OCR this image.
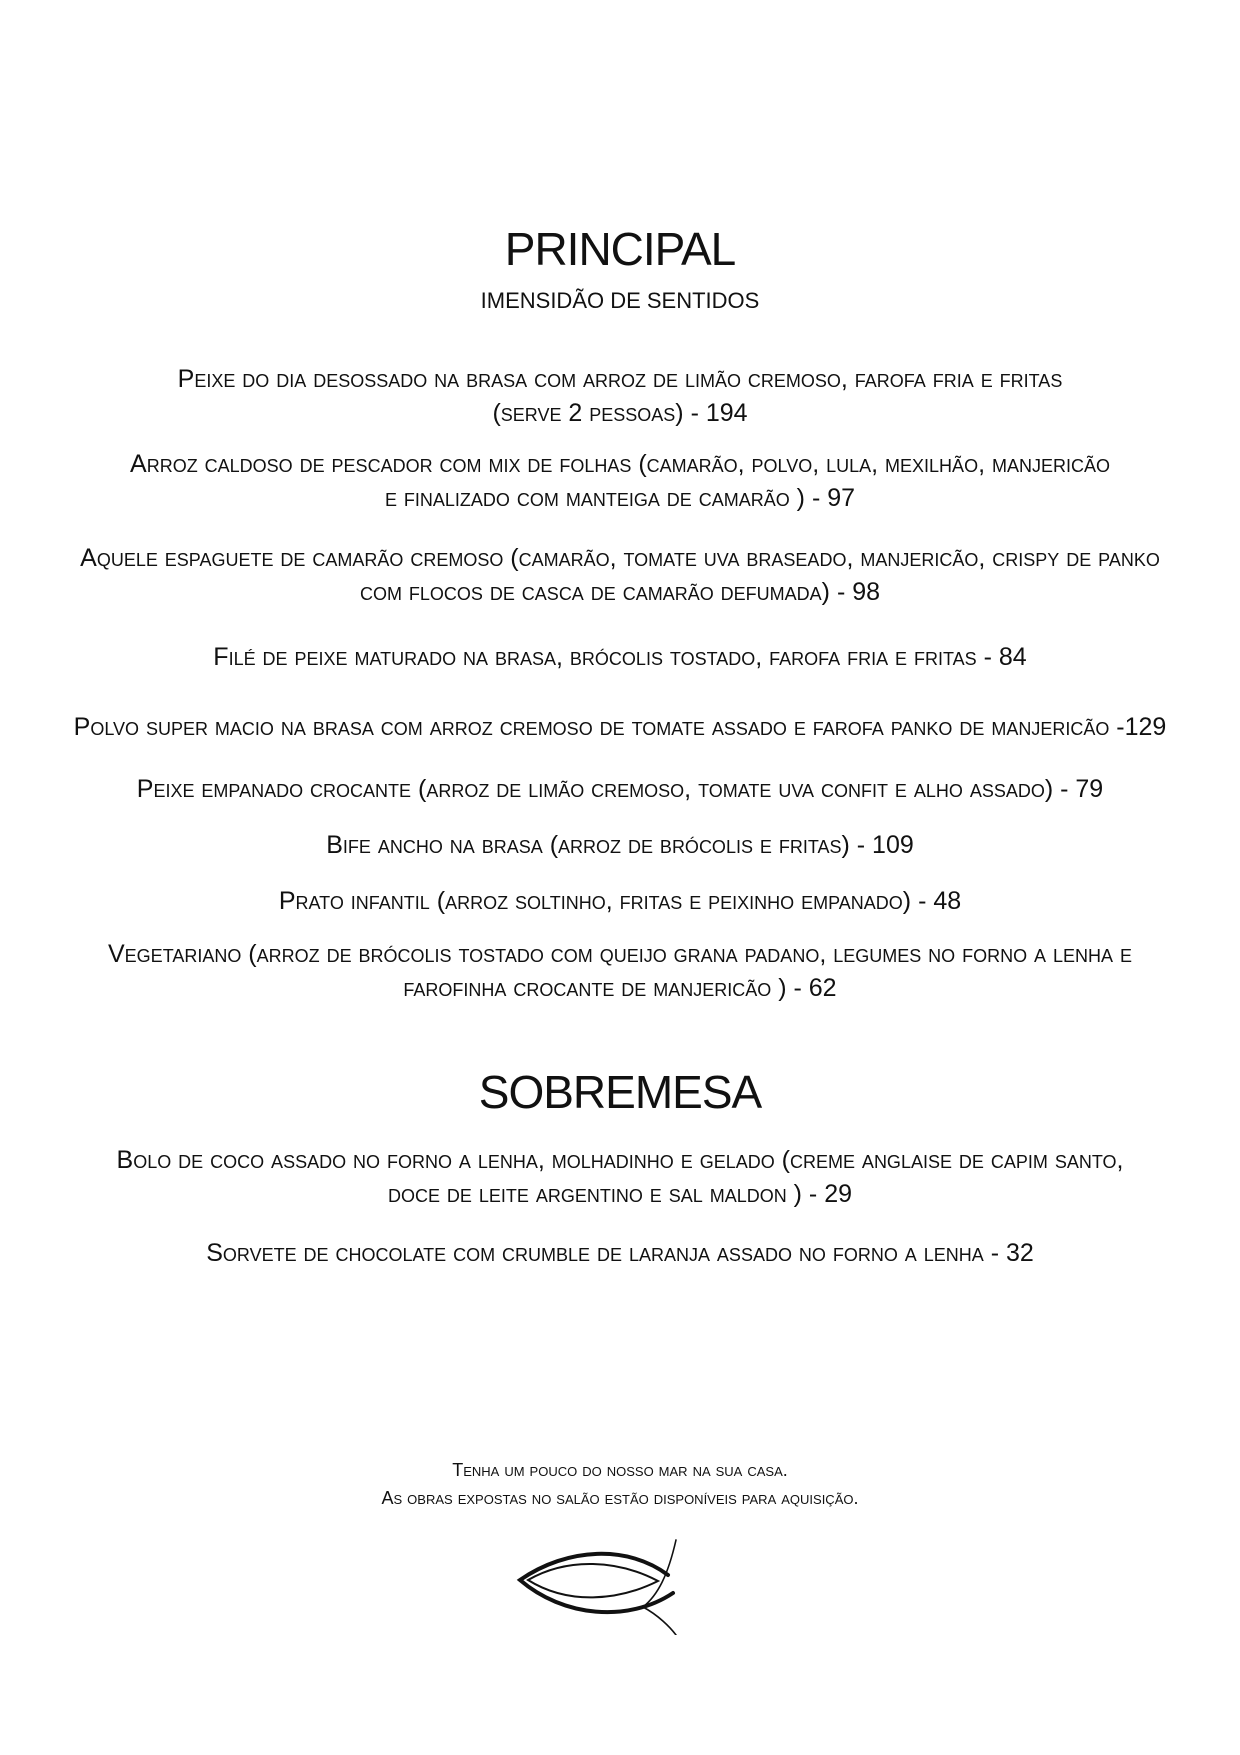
PRINCIPAL
IMENSIDÃO DE SENTIDOS
Peixe do dia desossado na brasa com arroz de limão cremoso, farofa fria e fritas
(serve 2 pessoas) - 194
Arroz caldoso de pescador com mix de folhas (camarão, polvo, lula, mexilhão, manjericão
e finalizado com manteiga de camarão ) - 97
Aquele espaguete de camarão cremoso (camarão, tomate uva braseado, manjericão, crispy de panko
com flocos de casca de camarão defumada) - 98
Filé de peixe maturado na brasa, brócolis tostado, farofa fria e fritas - 84
Polvo super macio na brasa com arroz cremoso de tomate assado e farofa panko de manjericão -129
Peixe empanado crocante (arroz de limão cremoso, tomate uva confit e alho assado) - 79
Bife ancho na brasa (arroz de brócolis e fritas) - 109
Prato infantil (arroz soltinho, fritas e peixinho empanado) - 48
Vegetariano (arroz de brócolis tostado com queijo grana padano, legumes no forno a lenha e
farofinha crocante de manjericão ) - 62
SOBREMESA
Bolo de coco assado no forno a lenha, molhadinho e gelado (creme anglaise de capim santo,
doce de leite argentino e sal maldon ) - 29
Sorvete de chocolate com crumble de laranja assado no forno a lenha - 32
Tenha um pouco do nosso mar na sua casa.
As obras expostas no salão estão disponíveis para aquisição.
